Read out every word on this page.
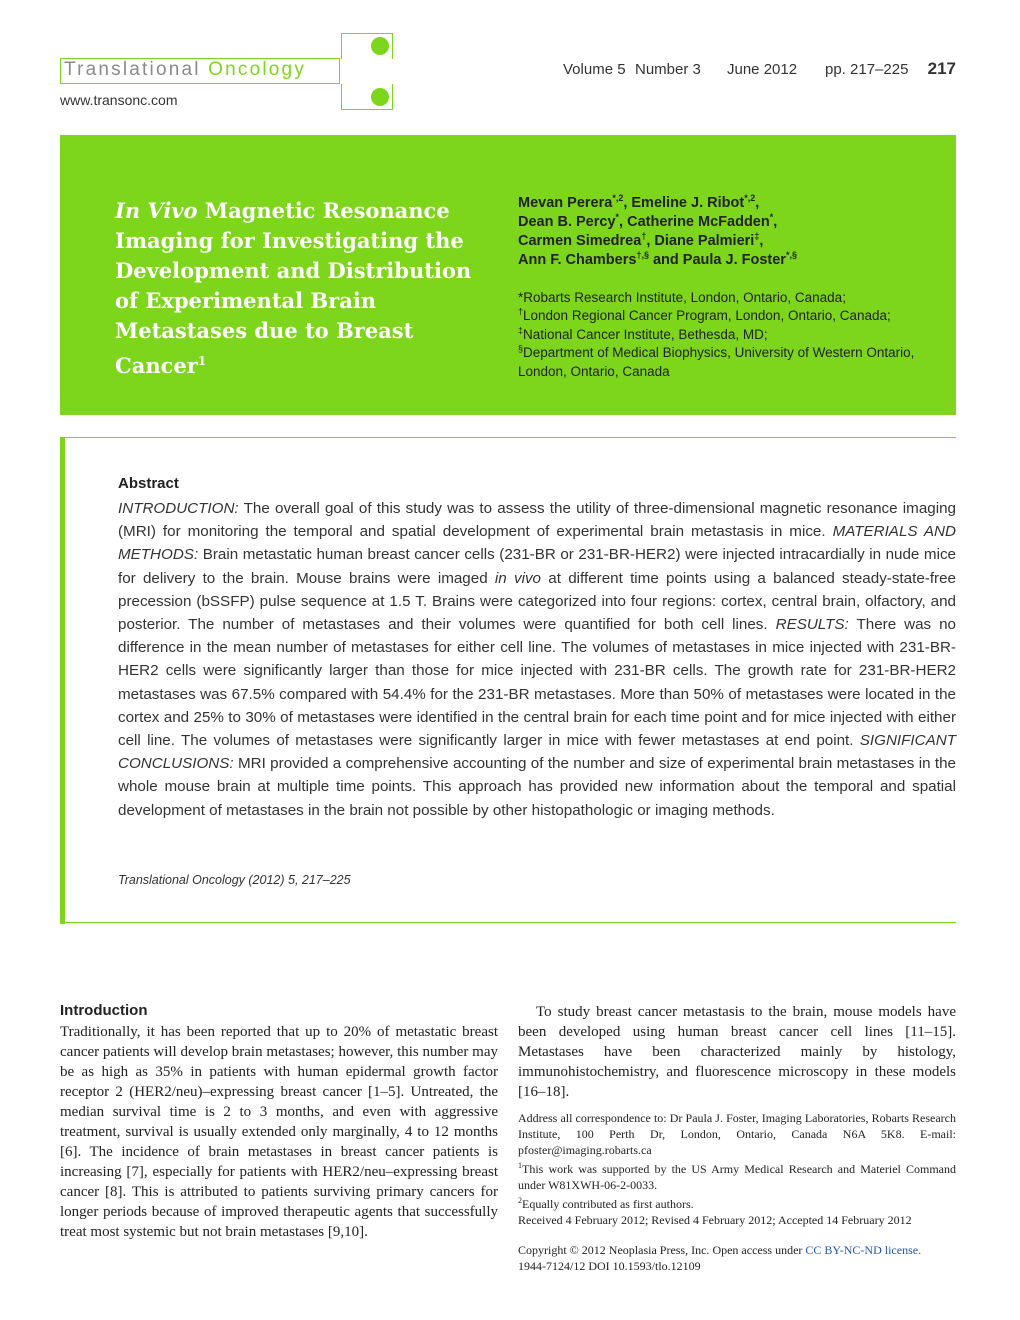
Translational Oncology
www.transonc.com
Volume 5 Number 3 June 2012 pp. 217–225 217
In Vivo Magnetic Resonance Imaging for Investigating the Development and Distribution of Experimental Brain Metastases due to Breast Cancer$^1$
Mevan Perera$^{*,2}$, Emeline J. Ribot$^{*,2}$,
Dean B. Percy*, Catherine McFadden*,
Carmen Simedrea†, Diane Palmieri‡,
Ann F. Chambers†,§ and Paula J. Foster*,§
*Robarts Research Institute, London, Ontario, Canada;
†London Regional Cancer Program, London, Ontario, Canada; ‡National Cancer Institute, Bethesda, MD;
§Department of Medical Biophysics, University of Western Ontario, London, Ontario, Canada
Abstract

INTRODUCTION: The overall goal of this study was to assess the utility of three-dimensional magnetic resonance imaging (MRI) for monitoring the temporal and spatial development of experimental brain metastasis in mice. MATERIALS AND METHODS: Brain metastatic human breast cancer cells (231-BR or 231-BR-HER2) were injected intracardially in nude mice for delivery to the brain. Mouse brains were imaged in vivo at different time points using a balanced steady-state-free precession (bSSFP) pulse sequence at 1.5 T. Brains were categorized into four regions: cortex, central brain, olfactory, and posterior. The number of metastases and their volumes were quantified for both cell lines. RESULTS: There was no difference in the mean number of metastases for either cell line. The volumes of metastases in mice injected with 231-BR-HER2 cells were significantly larger than those for mice injected with 231-BR cells. The growth rate for 231-BR-HER2 metastases was 67.5% compared with 54.4% for the 231-BR metastases. More than 50% of metastases were located in the cortex and 25% to 30% of metastases were identified in the central brain for each time point and for mice injected with either cell line. The volumes of metastases were significantly larger in mice with fewer metastases at end point. SIGNIFICANT CONCLUSIONS: MRI provided a comprehensive accounting of the number and size of experimental brain metastases in the whole mouse brain at multiple time points. This approach has provided new information about the temporal and spatial development of metastases in the brain not possible by other histopathologic or imaging methods.

Translational Oncology (2012) 5, 217–225
Introduction

Traditionally, it has been reported that up to 20% of metastatic breast cancer patients will develop brain metastases; however, this number may be as high as 35% in patients with human epidermal growth factor receptor 2 (HER2/neu)–expressing breast cancer [1–5]. Untreated, the median survival time is 2 to 3 months, and even with aggressive treatment, survival is usually extended only marginally, 4 to 12 months [6]. The incidence of brain metastases in breast cancer patients is increasing [7], especially for patients with HER2/neu–expressing breast cancer [8]. This is attributed to patients surviving primary cancers for longer periods because of improved therapeutic agents that successfully treat most systemic but not brain metastases [9,10].

To study breast cancer metastasis to the brain, mouse models have been developed using human breast cancer cell lines [11–15]. Metastases have been characterized mainly by histology, immunohistochemistry, and fluorescence microscopy in these models [16–18].

Address all correspondence to: Dr Paula J. Foster, Imaging Laboratories, Robarts Research Institute, 100 Perth Dr, London, Ontario, Canada N6A 5K8. E-mail: pfoster@imaging.robarts.ca

$^1$This work was supported by the US Army Medical Research and Materiel Command under W81XWH-06-2-0033.

$^2$Equally contributed as first authors.

Received 4 February 2012; Revised 4 February 2012; Accepted 14 February 2012

Copyright © 2012 Neoplasia Press, Inc. Open access under CC BY-NC-ND license.

1944-7124/12 DOI 10.1593/tlo.12109
